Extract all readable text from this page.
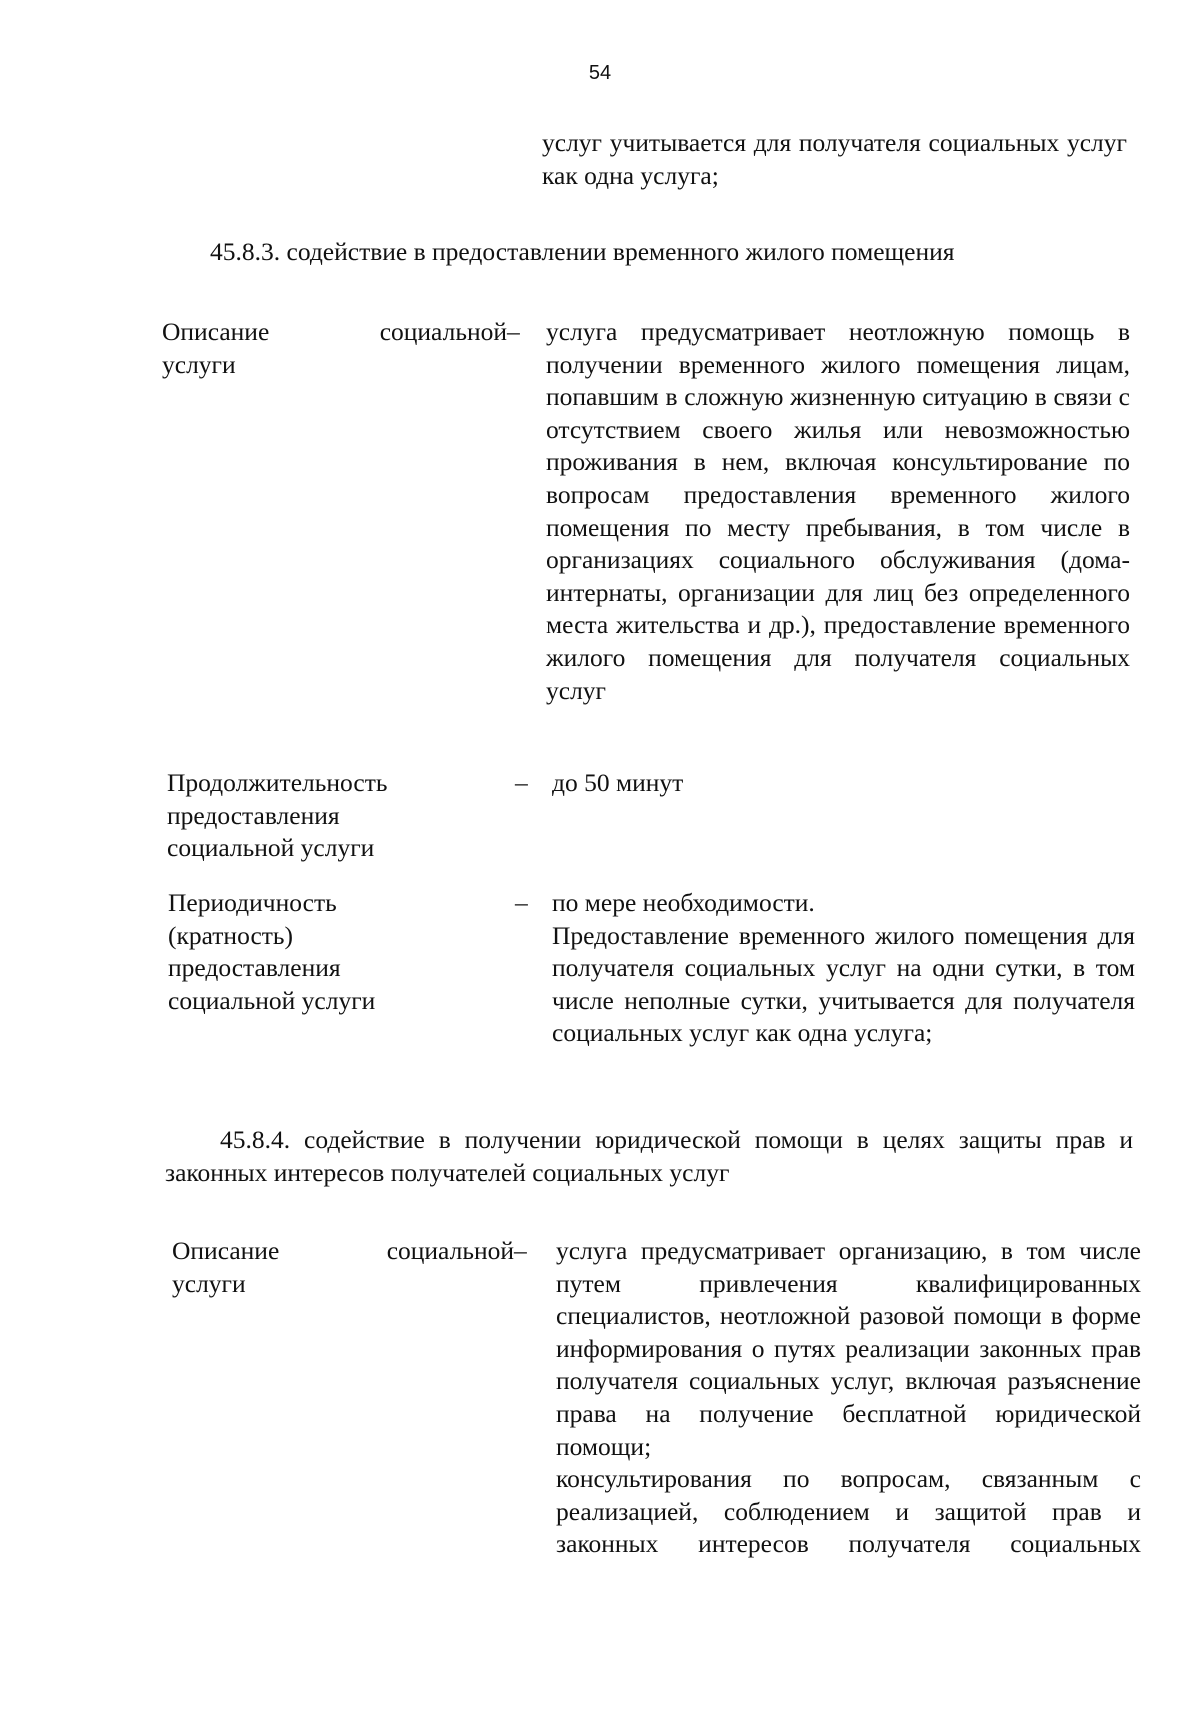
54
услуг учитывается для получателя социальных услуг как одна услуга;
45.8.3. содействие в предоставлении временного жилого помещения
Описание	социальной
услуги
– услуга предусматривает неотложную помощь в получении временного жилого помещения лицам, попавшим в сложную жизненную ситуацию в связи с отсутствием своего жилья или невозможностью проживания в нем, включая консультирование по вопросам предоставления временного жилого помещения по месту пребывания, в том числе в организациях социального обслуживания (дома-интернаты, организации для лиц без определенного места жительства и др.), предоставление временного жилого помещения для получателя социальных услуг

Продолжительность предоставления социальной услуги
– до 50 минут
Периодичность (кратность) предоставления социальной услуги
– по мере необходимости.

Предоставление временного жилого помещения для получателя социальных услуг на одни сутки, в том числе неполные сутки, учитывается для получателя социальных услуг как одна услуга;

45.8.4. содействие в получении юридической помощи в целях защиты прав и законных интересов получателей социальных услуг
Описание	социальной
услуги
– услуга предусматривает организацию, в том числе путем привлечения квалифицированных специалистов, неотложной разовой помощи в форме информирования о путях реализации законных прав получателя социальных услуг, включая разъяснение права на получение бесплатной юридической помощи;

консультирования по вопросам, связанным с реализацией, соблюдением и защитой прав и законных интересов получателя социальных
